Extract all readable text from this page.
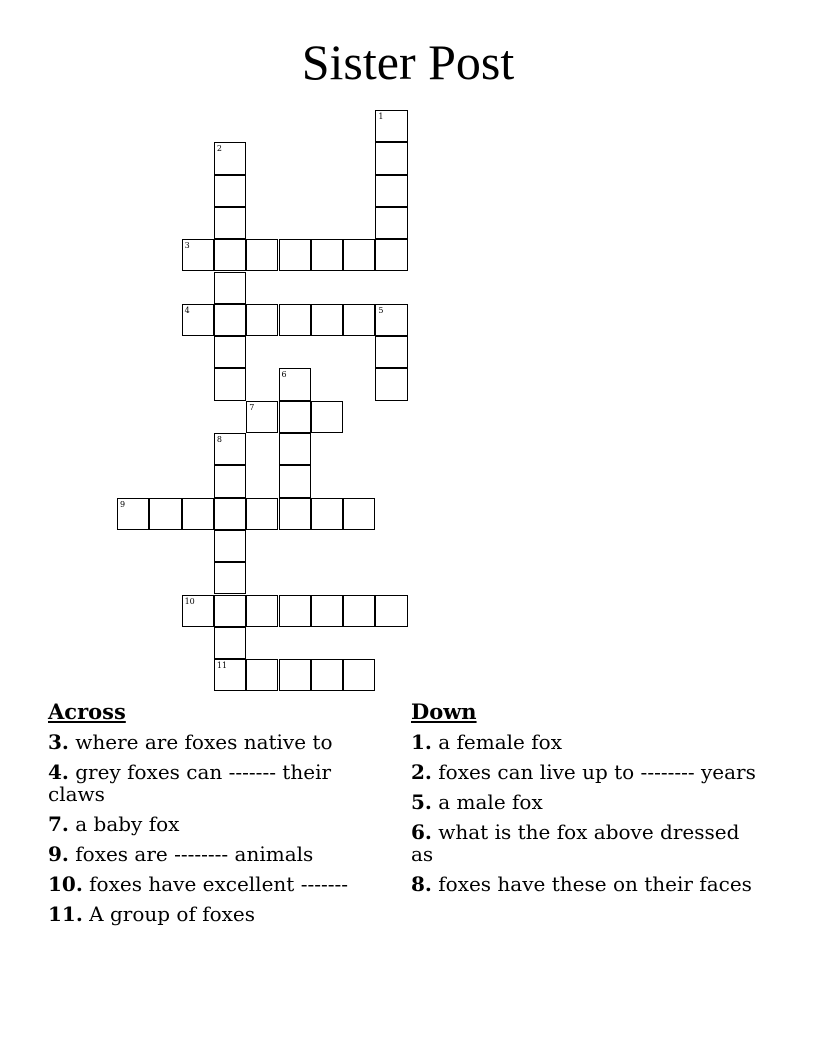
Sister Post
1
2
3
4	5
6
7
8
9
10
11
Across
3. where are foxes native to
4. grey foxes can ------- their claws
7. a baby fox
9. foxes are -------- animals
10. foxes have excellent -------
11. A group of foxes
Down
1. a female fox
2. foxes can live up to -------- years
5. a male fox
6. what is the fox above dressed as
8. foxes have these on their faces
